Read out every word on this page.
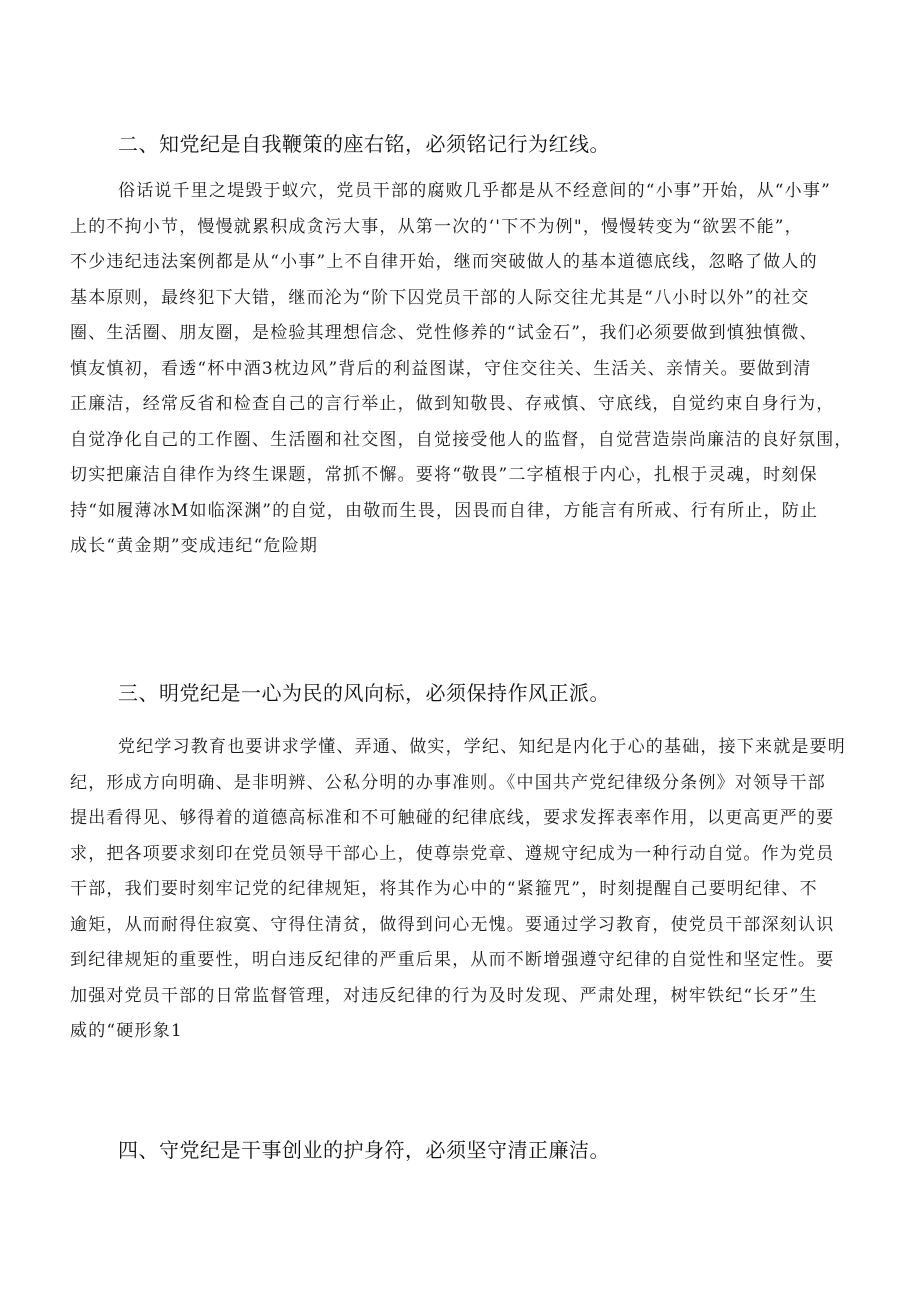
二、知党纪是自我鞭策的座右铭，必须铭记行为红线。
俗话说千里之堤毁于蚁穴，党员干部的腐败几乎都是从不经意间的“小事”开始，从“小事”
上的不拘小节，慢慢就累积成贪污大事，从第一次的‘'下不为例"，慢慢转变为“欲罢不能”，
不少违纪违法案例都是从“小事”上不自律开始，继而突破做人的基本道德底线，忽略了做人的
基本原则，最终犯下大错，继而沦为“阶下囚党员干部的人际交往尤其是“八小时以外”的社交
圈、生活圈、朋友圈，是检验其理想信念、党性修养的“试金石”，我们必须要做到慎独慎微、
慎友慎初，看透“杯中酒3枕边风”背后的利益图谋，守住交往关、生活关、亲情关。要做到清
正廉洁，经常反省和检查自己的言行举止，做到知敬畏、存戒慎、守底线，自觉约束自身行为，
自觉净化自己的工作圈、生活圈和社交图，自觉接受他人的监督，自觉营造崇尚廉洁的良好氛围，
切实把廉洁自律作为终生课题，常抓不懈。要将“敬畏”二字植根于内心，扎根于灵魂，时刻保
持“如履薄冰M如临深渊”的自觉，由敬而生畏，因畏而自律，方能言有所戒、行有所止，防止
成长“黄金期”变成违纪“危险期
三、明党纪是一心为民的风向标，必须保持作风正派。
党纪学习教育也要讲求学懂、弄通、做实，学纪、知纪是内化于心的基础，接下来就是要明
纪，形成方向明确、是非明辨、公私分明的办事准则。《中国共产党纪律级分条例》对领导干部
提出看得见、够得着的道德高标准和不可触碰的纪律底线，要求发挥表率作用，以更高更严的要
求，把各项要求刻印在党员领导干部心上，使尊崇党章、遵规守纪成为一种行动自觉。作为党员
干部，我们要时刻牢记党的纪律规矩，将其作为心中的“紧箍咒”，时刻提醒自己要明纪律、不
逾矩，从而耐得住寂寞、守得住清贫，做得到问心无愧。要通过学习教育，使党员干部深刻认识
到纪律规矩的重要性，明白违反纪律的严重后果，从而不断增强遵守纪律的自觉性和坚定性。要
加强对党员干部的日常监督管理，对违反纪律的行为及时发现、严肃处理，树牢铁纪“长牙”生
威的“硬形象1
四、守党纪是干事创业的护身符，必须坚守清正廉洁。
